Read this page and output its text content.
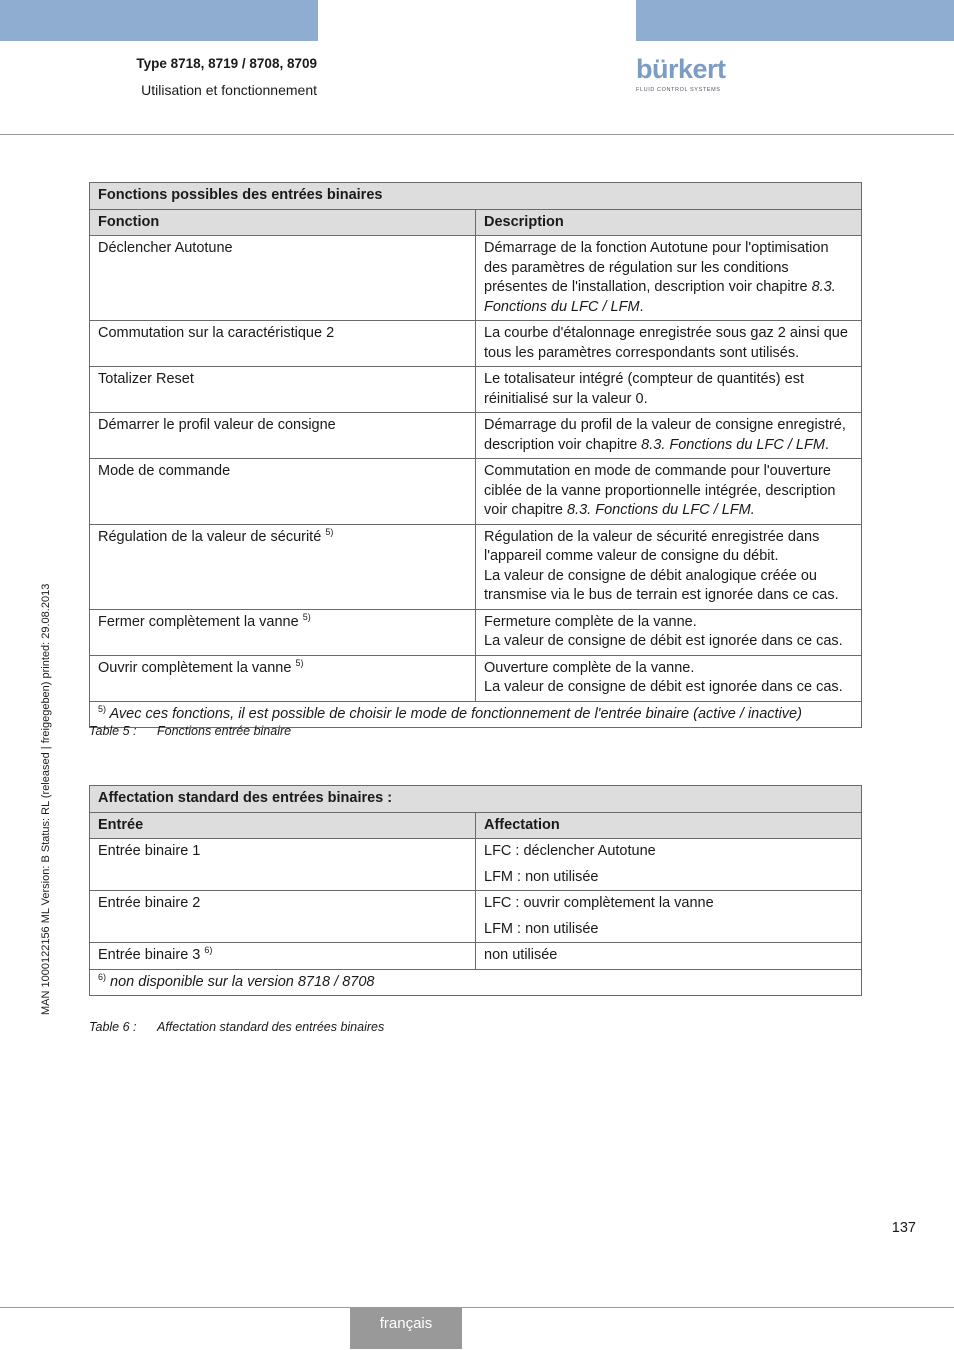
Type 8718, 8719 / 8708, 8709
Utilisation et fonctionnement
bürkert
FLUID CONTROL SYSTEMS
MAN 1000122156 ML Version: B Status: RL (released | freigegeben) printed: 29.08.2013
Fonctions possibles des entrées binaires	
Fonction	Description
Déclencher Autotune	Démarrage de la fonction Autotune pour l'optimisation des paramètres de régulation sur les conditions présentes de l'installation, description voir chapitre 8.3. Fonctions du LFC / LFM.
Commutation sur la caractéristique 2	La courbe d'étalonnage enregistrée sous gaz 2 ainsi que tous les paramètres correspondants sont utilisés.
Totalizer Reset	Le totalisateur intégré (compteur de quantités) est réinitialisé sur la valeur 0.
Démarrer le profil valeur de consigne	Démarrage du profil de la valeur de consigne enregistré, description voir chapitre 8.3. Fonctions du LFC / LFM.
Mode de commande	Commutation en mode de commande pour l'ouverture ciblée de la vanne proportionnelle intégrée, description voir chapitre 8.3. Fonctions du LFC / LFM.
Régulation de la valeur de sécurité $^{5)}$	Régulation de la valeur de sécurité enregistrée dans l'appareil comme valeur de consigne du débit.
La valeur de consigne de débit analogique créée ou transmise via le bus de terrain est ignorée dans ce cas.

Fermer complètement la vanne $^{5)}$	Fermeture complète de la vanne.
La valeur de consigne de débit est ignorée dans ce cas.

Ouvrir complètement la vanne $^{5)}$	Ouverture complète de la vanne.
La valeur de consigne de débit est ignorée dans ce cas.

$^{5)}$ Avec ces fonctions, il est possible de choisir le mode de fonctionnement de l'entrée binaire (active / inactive)	
Table 5 : Fonctions entrée binaire
Affectation standard des entrées binaires :	
Entrée	Affectation
Entrée binaire 1	LFC : déclencher Autotune
LFM : non utilisée

Entrée binaire 2	LFC : ouvrir complètement la vanne
LFM : non utilisée

Entrée binaire 3 $^{6)}$	non utilisée
$^{6)}$ non disponible sur la version 8718 / 8708	
Table 6 : Affectation standard des entrées binaires
137
français
